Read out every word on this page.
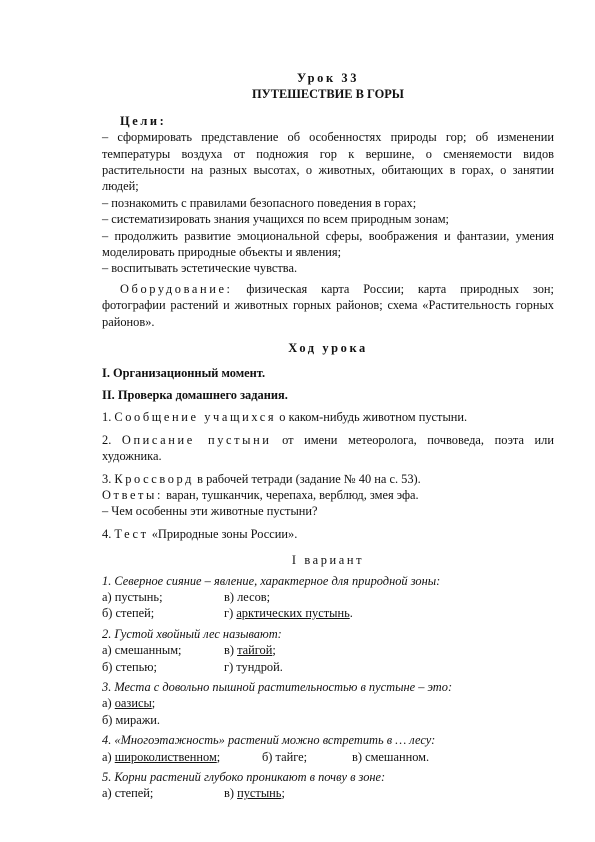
Урок 33

ПУТЕШЕСТВИЕ В ГОРЫ

Цели:

– сформировать представление об особенностях природы гор; об изменении температуры воздуха от подножия гор к вершине, о сменяемости видов растительности на разных высотах, о животных, обитающих в горах, о занятии людей;

– познакомить с правилами безопасного поведения в горах;

– систематизировать знания учащихся по всем природным зонам;

– продолжить развитие эмоциональной сферы, воображения и фантазии, умения моделировать природные объекты и явления;

– воспитывать эстетические чувства.

Оборудование: физическая карта России; карта природных зон; фотографии растений и животных горных районов; схема «Растительность горных районов».

Ход урока

I. Организационный момент.

II. Проверка домашнего задания.

1. Сообщение учащихся о каком-нибудь животном пустыни.

2. Описание пустыни от имени метеоролога, почвоведа, поэта или художника.

3. Кроссворд в рабочей тетради (задание № 40 на с. 53).

Ответы: варан, тушканчик, черепаха, верблюд, змея эфа.

– Чем особенны эти животные пустыни?

4. Тест «Природные зоны России».

I вариант

1. Северное сияние – явление, характерное для природной зоны:

а) пустынь;	в) лесов;
б) степей;	г) арктических пустынь.

2. Густой хвойный лес называют:

а) смешанным;	в) тайгой;
б) степью;	г) тундрой.

3. Места с довольно пышной растительностью в пустыне – это:

а) оазисы;

б) миражи.

4. «Многоэтажность» растений можно встретить в … лесу:

а) широколиственном;	б) тайге;	в) смешанном.

5. Корни растений глубоко проникают в почву в зоне:

а) степей;	в) пустынь;
